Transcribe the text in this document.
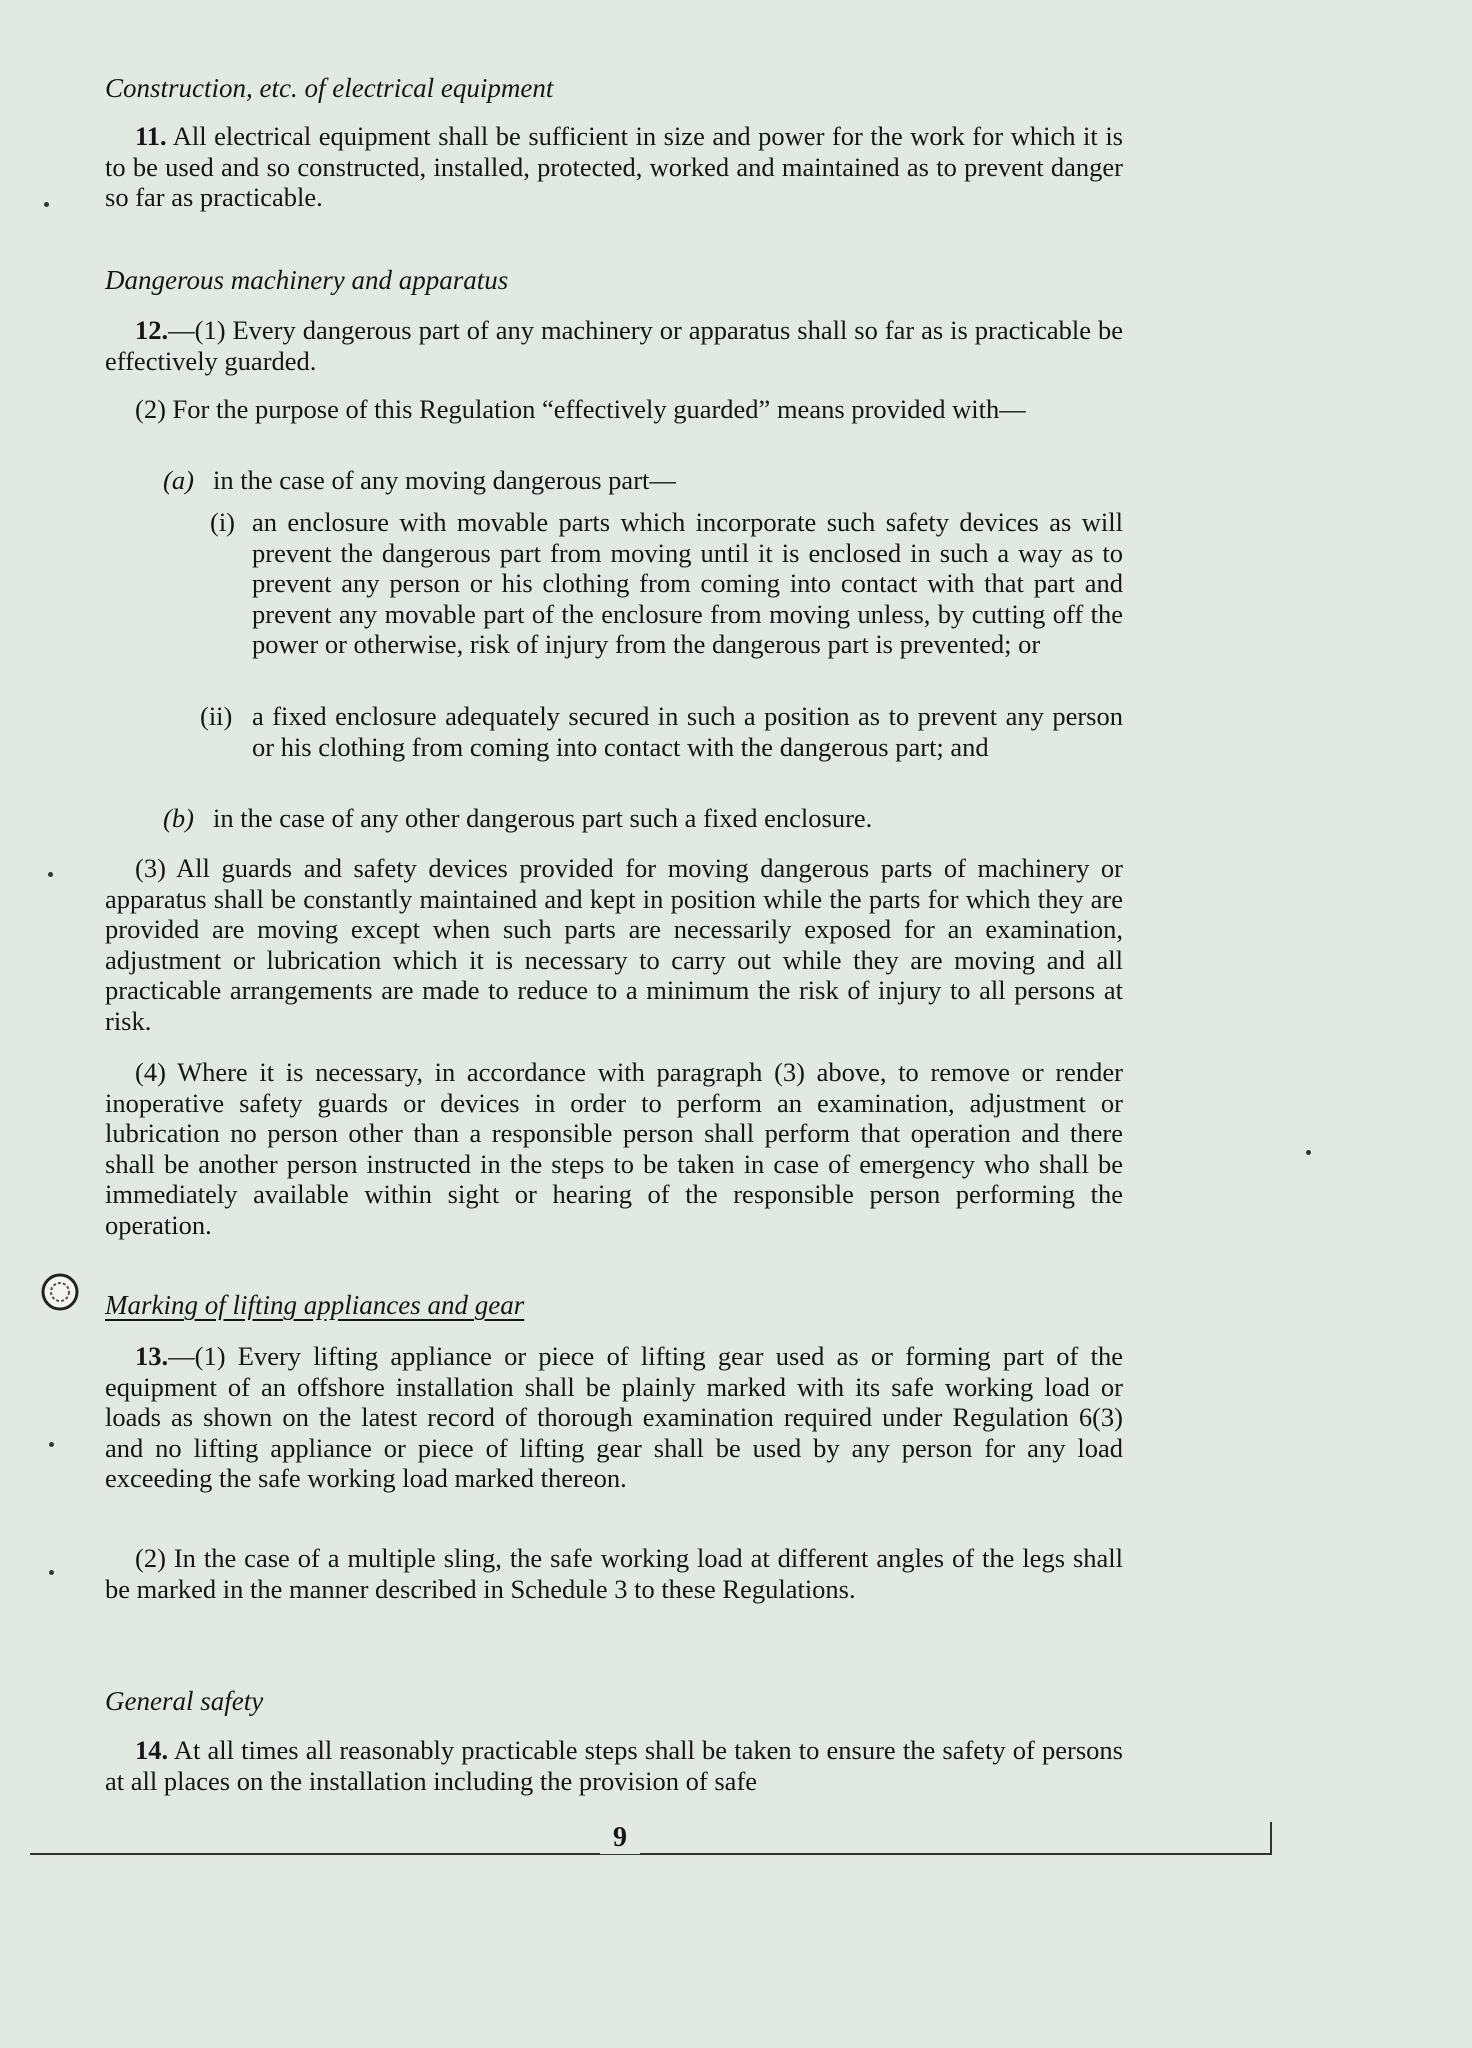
Construction, etc. of electrical equipment

11. All electrical equipment shall be sufficient in size and power for the work for which it is to be used and so constructed, installed, protected, worked and maintained as to prevent danger so far as practicable.

Dangerous machinery and apparatus

12.—(1) Every dangerous part of any machinery or apparatus shall so far as is practicable be effectively guarded.

(2) For the purpose of this Regulation “effectively guarded” means provided with—

(a) in the case of any moving dangerous part—
(i) an enclosure with movable parts which incorporate such safety devices as will prevent the dangerous part from moving until it is enclosed in such a way as to prevent any person or his clothing from coming into contact with that part and prevent any movable part of the enclosure from moving unless, by cutting off the power or otherwise, risk of injury from the dangerous part is prevented; or
(ii) a fixed enclosure adequately secured in such a position as to prevent any person or his clothing from coming into contact with the dangerous part; and
(b) in the case of any other dangerous part such a fixed enclosure.

(3) All guards and safety devices provided for moving dangerous parts of machinery or apparatus shall be constantly maintained and kept in position while the parts for which they are provided are moving except when such parts are necessarily exposed for an examination, adjustment or lubrication which it is necessary to carry out while they are moving and all practicable arrangements are made to reduce to a minimum the risk of injury to all persons at risk.

(4) Where it is necessary, in accordance with paragraph (3) above, to remove or render inoperative safety guards or devices in order to perform an examination, adjustment or lubrication no person other than a responsible person shall perform that operation and there shall be another person instructed in the steps to be taken in case of emergency who shall be immediately available within sight or hearing of the responsible person performing the operation.

Marking of lifting appliances and gear

13.—(1) Every lifting appliance or piece of lifting gear used as or forming part of the equipment of an offshore installation shall be plainly marked with its safe working load or loads as shown on the latest record of thorough examination required under Regulation 6(3) and no lifting appliance or piece of lifting gear shall be used by any person for any load exceeding the safe working load marked thereon.

(2) In the case of a multiple sling, the safe working load at different angles of the legs shall be marked in the manner described in Schedule 3 to these Regulations.

General safety

14. At all times all reasonably practicable steps shall be taken to ensure the safety of persons at all places on the installation including the provision of safe

9
